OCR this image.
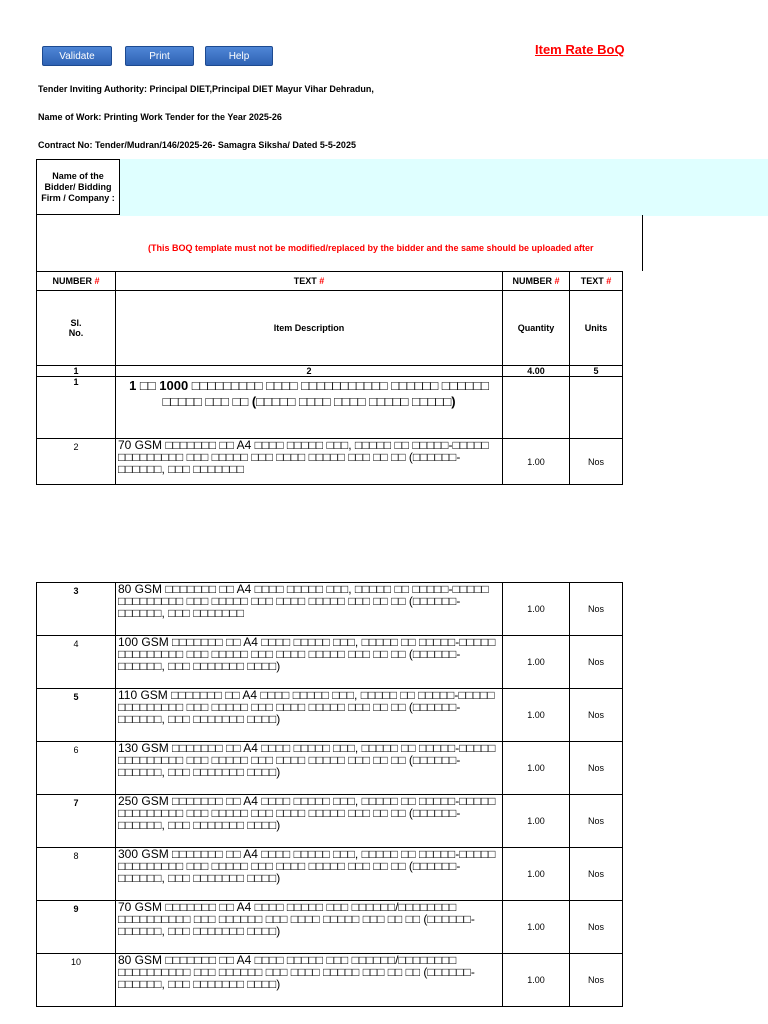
Validate	Print	Help	Item Rate BoQ
Tender Inviting Authority: Principal DIET,Principal DIET Mayur Vihar Dehradun,
Name of Work: Printing Work Tender for the Year 2025-26
Contract No: Tender/Mudran/146/2025-26- Samagra Siksha/ Dated 5-5-2025
Name of the Bidder/ Bidding Firm / Company :
(This BOQ template must not be modified/replaced by the bidder and the same should be uploaded after
NUMBER #	TEXT #	NUMBER #	TEXT #

Sl. No.	Item Description	Quantity	Units
1	2	4.00	5
1	1 □□ 1000 □□□□□□□□□ □□□□ □□□□□□□□□□□ □□□□□□ □□□□□□ □□□□□ □□□ □□ (□□□□□ □□□□ □□□□ □□□□□ □□□□□)		
2	70 GSM □□□□□□□ □□ A4 □□□□ □□□□□ □□□, □□□□□ □□ □□□□□-□□□□□ □□□□□□□□□ □□□ □□□□□ □□□ □□□□ □□□□□ □□□ □□ □□ (□□□□□□-□□□□□□, □□□ □□□□□□□	1.00	Nos
3	80 GSM □□□□□□□ □□ A4 □□□□ □□□□□ □□□, □□□□□ □□ □□□□□-□□□□□ □□□□□□□□□ □□□ □□□□□ □□□ □□□□ □□□□□ □□□ □□ □□ (□□□□□□-□□□□□□, □□□ □□□□□□□	1.00	Nos
4	100 GSM □□□□□□□ □□ A4 □□□□ □□□□□ □□□, □□□□□ □□ □□□□□-□□□□□ □□□□□□□□□ □□□ □□□□□ □□□ □□□□ □□□□□ □□□ □□ □□ (□□□□□□-□□□□□□, □□□ □□□□□□□ □□□□)	1.00	Nos
5	110 GSM □□□□□□□ □□ A4 □□□□ □□□□□ □□□, □□□□□ □□ □□□□□-□□□□□ □□□□□□□□□ □□□ □□□□□ □□□ □□□□ □□□□□ □□□ □□ □□ (□□□□□□-□□□□□□, □□□ □□□□□□□ □□□□)	1.00	Nos
6	130 GSM □□□□□□□ □□ A4 □□□□ □□□□□ □□□, □□□□□ □□ □□□□□-□□□□□ □□□□□□□□□ □□□ □□□□□ □□□ □□□□ □□□□□ □□□ □□ □□ (□□□□□□-□□□□□□, □□□ □□□□□□□ □□□□)	1.00	Nos
7	250 GSM □□□□□□□ □□ A4 □□□□ □□□□□ □□□, □□□□□ □□ □□□□□-□□□□□ □□□□□□□□□ □□□ □□□□□ □□□ □□□□ □□□□□ □□□ □□ □□ (□□□□□□-□□□□□□, □□□ □□□□□□□ □□□□)	1.00	Nos
8	300 GSM □□□□□□□ □□ A4 □□□□ □□□□□ □□□, □□□□□ □□ □□□□□-□□□□□ □□□□□□□□□ □□□ □□□□□ □□□ □□□□ □□□□□ □□□ □□ □□ (□□□□□□-□□□□□□, □□□ □□□□□□□ □□□□)	1.00	Nos
9	70 GSM □□□□□□□ □□ A4 □□□□ □□□□□ □□□ □□□□□□/□□□□□□□□ □□□□□□□□□□ □□□ □□□□□□ □□□ □□□□ □□□□□ □□□ □□ □□ (□□□□□□-□□□□□□, □□□ □□□□□□□ □□□□)	1.00	Nos
10	80 GSM □□□□□□□ □□ A4 □□□□ □□□□□ □□□ □□□□□□/□□□□□□□□ □□□□□□□□□□ □□□ □□□□□□ □□□ □□□□ □□□□□ □□□ □□ □□ (□□□□□□-□□□□□□, □□□ □□□□□□□ □□□□)	1.00	Nos
